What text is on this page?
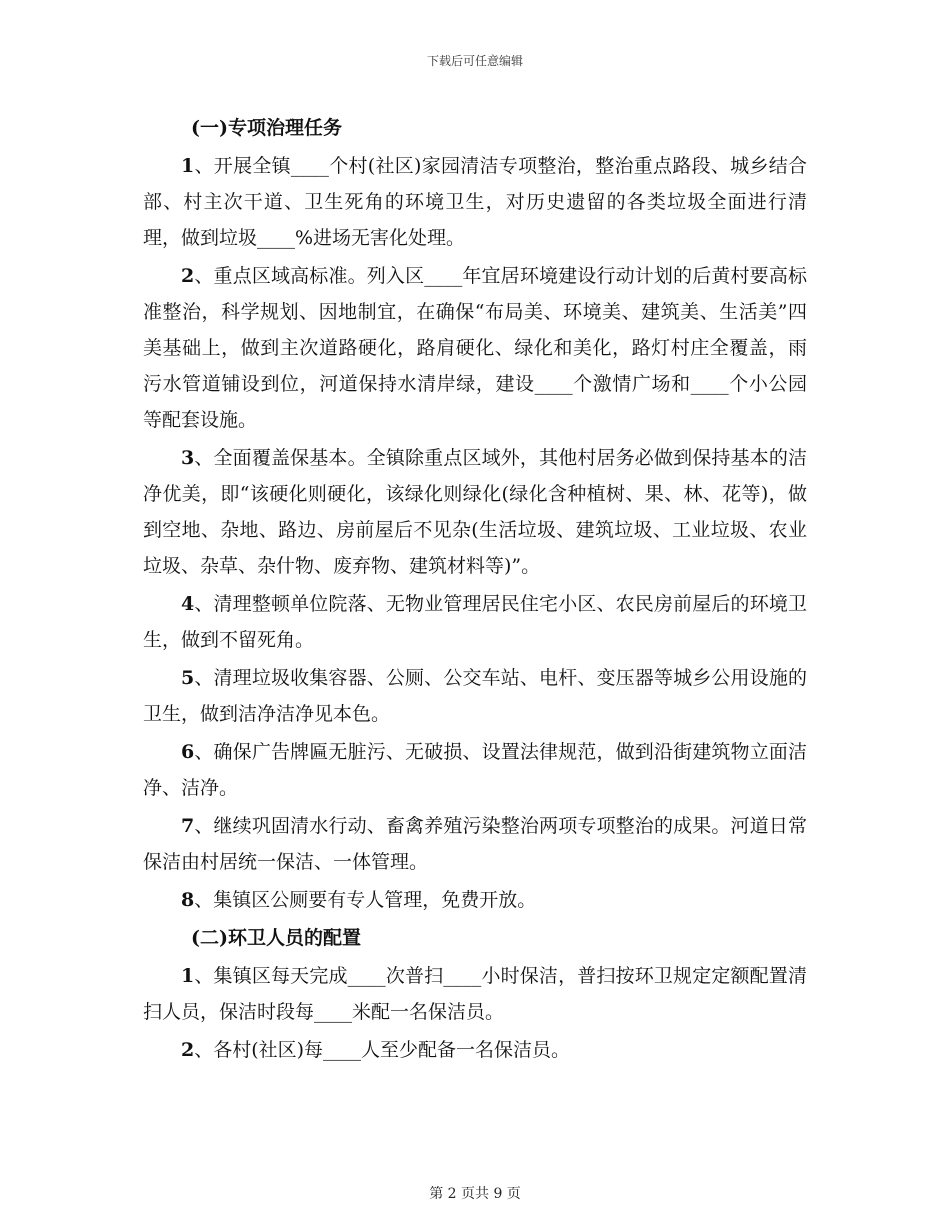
下载后可任意编辑
(一)专项治理任务

1、开展全镇____个村(社区)家园清洁专项整治，整治重点路段、城乡结合部、村主次干道、卫生死角的环境卫生，对历史遗留的各类垃圾全面进行清理，做到垃圾____%进场无害化处理。

2、重点区域高标准。列入区____年宜居环境建设行动计划的后黄村要高标准整治，科学规划、因地制宜，在确保“布局美、环境美、建筑美、生活美”四美基础上，做到主次道路硬化，路肩硬化、绿化和美化，路灯村庄全覆盖，雨污水管道铺设到位，河道保持水清岸绿，建设____个激情广场和____个小公园等配套设施。

3、全面覆盖保基本。全镇除重点区域外，其他村居务必做到保持基本的洁净优美，即“该硬化则硬化，该绿化则绿化(绿化含种植树、果、林、花等)，做到空地、杂地、路边、房前屋后不见杂(生活垃圾、建筑垃圾、工业垃圾、农业垃圾、杂草、杂什物、废弃物、建筑材料等)”。

4、清理整顿单位院落、无物业管理居民住宅小区、农民房前屋后的环境卫生，做到不留死角。

5、清理垃圾收集容器、公厕、公交车站、电杆、变压器等城乡公用设施的卫生，做到洁净洁净见本色。

6、确保广告牌匾无脏污、无破损、设置法律规范，做到沿街建筑物立面洁净、洁净。

7、继续巩固清水行动、畜禽养殖污染整治两项专项整治的成果。河道日常保洁由村居统一保洁、一体管理。

8、集镇区公厕要有专人管理，免费开放。

(二)环卫人员的配置

1、集镇区每天完成____次普扫____小时保洁，普扫按环卫规定定额配置清扫人员，保洁时段每____米配一名保洁员。

2、各村(社区)每____人至少配备一名保洁员。

第 2 页共 9 页
